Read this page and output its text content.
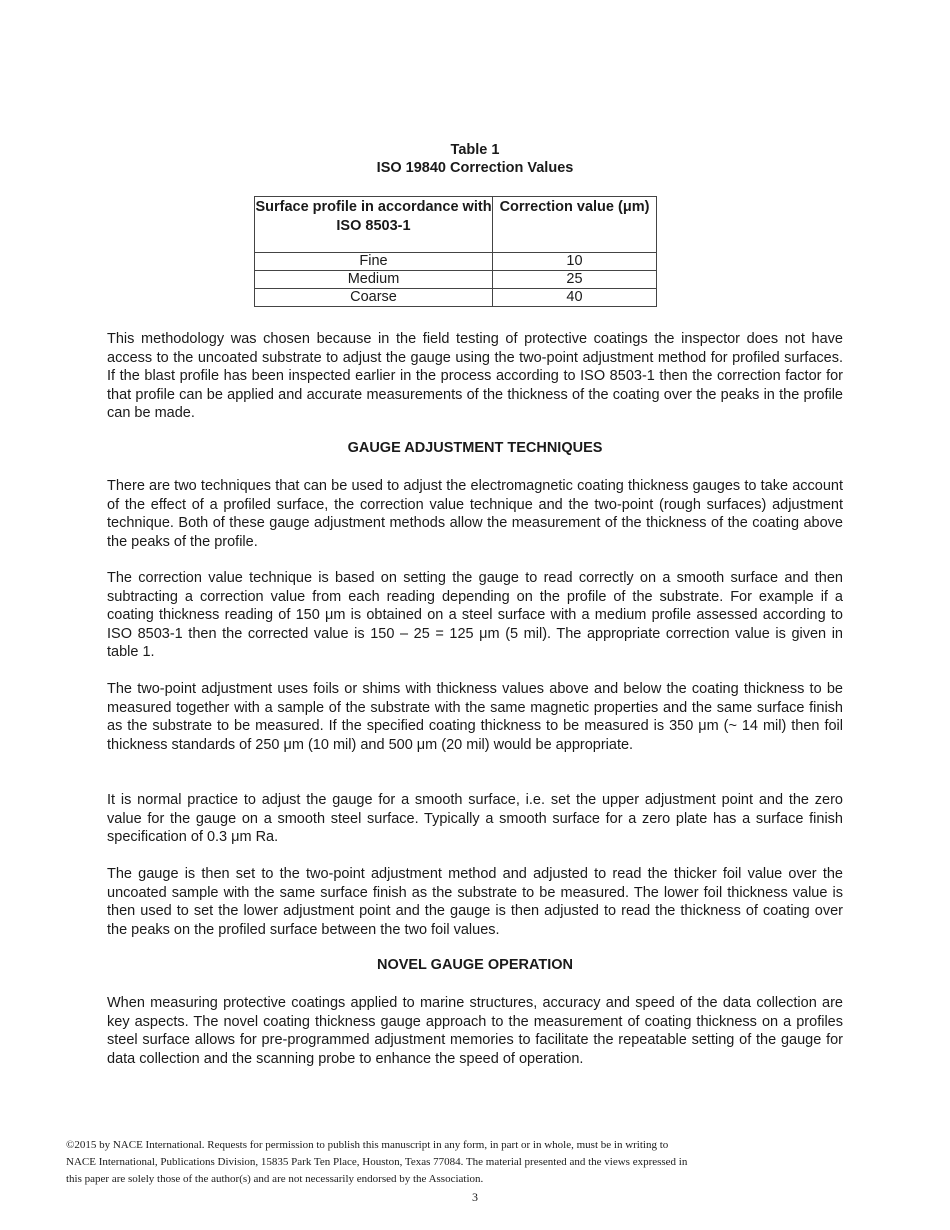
Table 1
ISO 19840 Correction Values
Surface profile in accordance with ISO 8503-1	Correction value (μm)
Fine	10
Medium	25
Coarse	40

This methodology was chosen because in the field testing of protective coatings the inspector does not have access to the uncoated substrate to adjust the gauge using the two-point adjustment method for profiled surfaces. If the blast profile has been inspected earlier in the process according to ISO 8503-1 then the correction factor for that profile can be applied and accurate measurements of the thickness of the coating over the peaks in the profile can be made.

GAUGE ADJUSTMENT TECHNIQUES

There are two techniques that can be used to adjust the electromagnetic coating thickness gauges to take account of the effect of a profiled surface, the correction value technique and the two-point (rough surfaces) adjustment technique. Both of these gauge adjustment methods allow the measurement of the thickness of the coating above the peaks of the profile.

The correction value technique is based on setting the gauge to read correctly on a smooth surface and then subtracting a correction value from each reading depending on the profile of the substrate. For example if a coating thickness reading of 150 μm is obtained on a steel surface with a medium profile assessed according to ISO 8503-1 then the corrected value is 150 – 25 = 125 μm (5 mil). The appropriate correction value is given in table 1.

The two-point adjustment uses foils or shims with thickness values above and below the coating thickness to be measured together with a sample of the substrate with the same magnetic properties and the same surface finish as the substrate to be measured. If the specified coating thickness to be measured is 350 μm (~ 14 mil) then foil thickness standards of 250 μm (10 mil) and 500 μm (20 mil) would be appropriate.

It is normal practice to adjust the gauge for a smooth surface, i.e. set the upper adjustment point and the zero value for the gauge on a smooth steel surface. Typically a smooth surface for a zero plate has a surface finish specification of 0.3 μm Ra.

The gauge is then set to the two-point adjustment method and adjusted to read the thicker foil value over the uncoated sample with the same surface finish as the substrate to be measured. The lower foil thickness value is then used to set the lower adjustment point and the gauge is then adjusted to read the thickness of coating over the peaks on the profiled surface between the two foil values.

NOVEL GAUGE OPERATION

When measuring protective coatings applied to marine structures, accuracy and speed of the data collection are key aspects. The novel coating thickness gauge approach to the measurement of coating thickness on a profiles steel surface allows for pre-programmed adjustment memories to facilitate the repeatable setting of the gauge for data collection and the scanning probe to enhance the speed of operation.

©2015 by NACE International. Requests for permission to publish this manuscript in any form, in part or in whole, must be in writing to
NACE International, Publications Division, 15835 Park Ten Place, Houston, Texas 77084. The material presented and the views expressed in
this paper are solely those of the author(s) and are not necessarily endorsed by the Association.
3
